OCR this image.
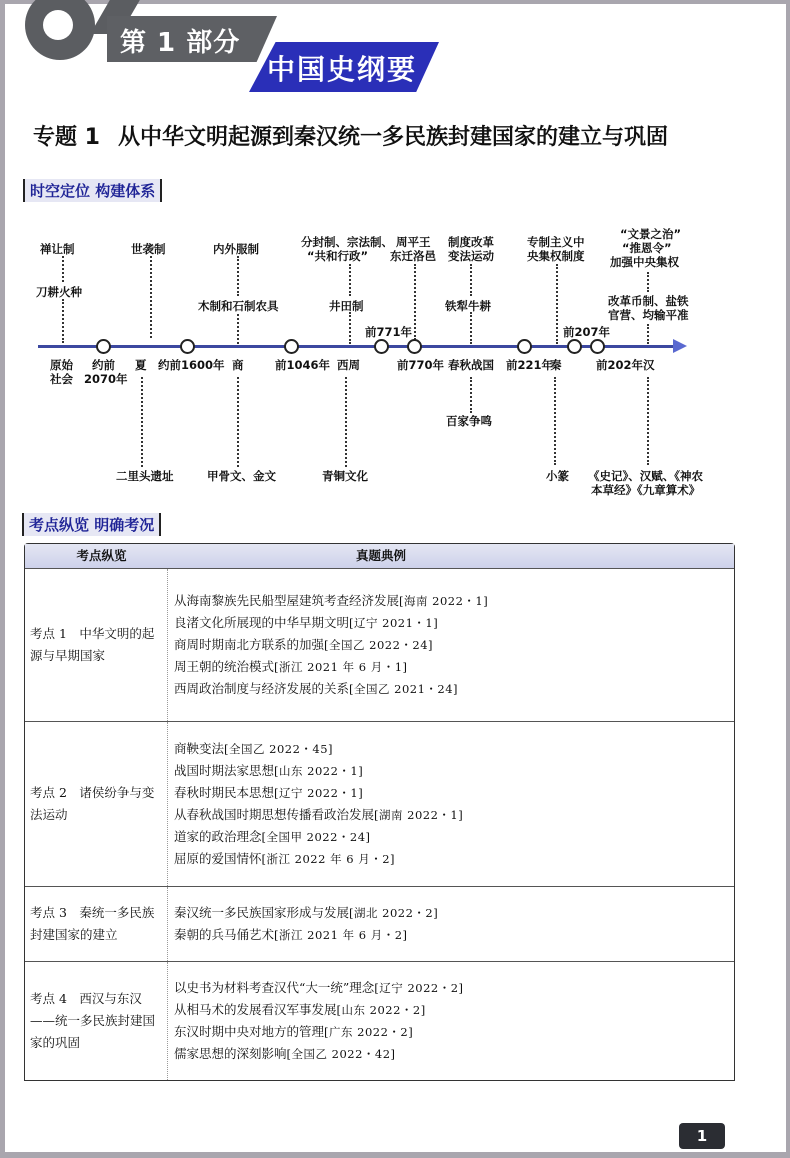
第 1 部分
中国史纲要
专题 1 从中华文明起源到秦汉统一多民族封建国家的建立与巩固
时空定位 构建体系
禅让制
刀耕火种
世袭制	内外服制
木制和石制农具
分封制、宗法制、
“共和行政”
井田制
周平王
东迁洛邑
制度改革
变法运动
铁犁牛耕
专制主义中
央集权制度
“文景之治”
“推恩令”
加强中央集权
改革币制、盐铁
官营、均输平准
前771年	前207年
原始
社会
约前
2070年
夏 约前1600年 商	前1046年 西周	前770年 春秋战国 前221年
秦	前202年 汉
二里头遗址	甲骨文、金文	青铜文化
百家争鸣
小篆 《史记》、汉赋、《神农
本草经》《九章算术》
考点纵览 明确考况
考点纵览	真题典例
考点 1　中华文明的起源与早期国家
从海南黎族先民船型屋建筑考查经济发展[海南 2022・1]
良渚文化所展现的中华早期文明[辽宁 2021・1]
商周时期南北方联系的加强[全国乙 2022・24]
周王朝的统治模式[浙江 2021 年 6 月・1]
西周政治制度与经济发展的关系[全国乙 2021・24]
考点 2　诸侯纷争与变法运动
商鞅变法[全国乙 2022・45]
战国时期法家思想[山东 2022・1]
春秋时期民本思想[辽宁 2022・1]
从春秋战国时期思想传播看政治发展[湖南 2022・1]
道家的政治理念[全国甲 2022・24]
屈原的爱国情怀[浙江 2022 年 6 月・2]
考点 3　秦统一多民族封建国家的建立
秦汉统一多民族国家形成与发展[湖北 2022・2]
秦朝的兵马俑艺术[浙江 2021 年 6 月・2]
考点 4　西汉与东汉——统一多民族封建国家的巩固
以史书为材料考查汉代“大一统”理念[辽宁 2022・2]
从相马术的发展看汉军事发展[山东 2022・2]
东汉时期中央对地方的管理[广东 2022・2]
儒家思想的深刻影响[全国乙 2022・42]
1
